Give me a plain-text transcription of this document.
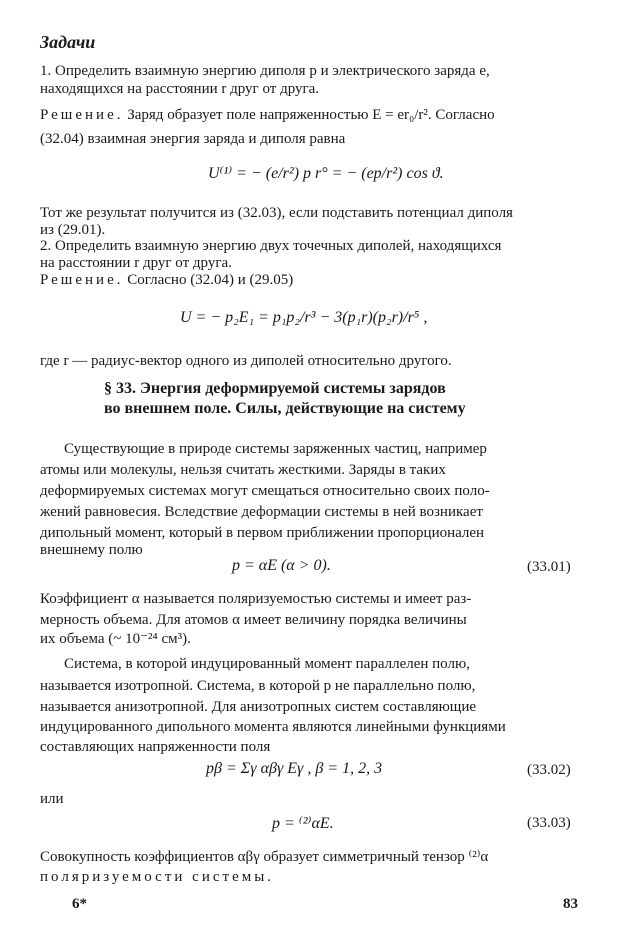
Задачи
1. Определить взаимную энергию диполя p и электрического заряда e,
находящихся на расстоянии r друг от друга.
Решение. Заряд образует поле напряженностью E = er₀/r². Согласно
(32.04) взаимная энергия заряда и диполя равна
U⁽¹⁾ = − (e/r²) p r° = − (ep/r²) cos ϑ.
Тот же результат получится из (32.03), если подставить потенциал диполя
из (29.01).
2. Определить взаимную энергию двух точечных диполей, находящихся
на расстоянии r друг от друга.
Решение. Согласно (32.04) и (29.05)
U = − p₂E₁ = p₁p₂/r³ − 3(p₁r)(p₂r)/r⁵ ,
где r — радиус-вектор одного из диполей относительно другого.
§ 33. Энергия деформируемой системы зарядов
во внешнем поле. Силы, действующие на систему
Существующие в природе системы заряженных частиц, например
атомы или молекулы, нельзя считать жесткими. Заряды в таких
деформируемых системах могут смещаться относительно своих поло-
жений равновесия. Вследствие деформации системы в ней возникает
дипольный момент, который в первом приближении пропорционален
внешнему полю
p = αE (α > 0).	(33.01)
Коэффициент α называется поляризуемостью системы и имеет раз-
мерность объема. Для атомов α имеет величину порядка величины
их объема (~ 10⁻²⁴ см³).
Система, в которой индуцированный момент параллелен полю,
называется изотропной. Система, в которой p не параллельно полю,
называется анизотропной. Для анизотропных систем составляющие
индуцированного дипольного момента являются линейными функциями
составляющих напряженности поля
pβ = Σγ αβγ Eγ , β = 1, 2, 3	(33.02)
или
p = ⁽²⁾αE.	(33.03)
Совокупность коэффициентов αβγ образует симметричный тензор ⁽²⁾α
поляризуемости системы.
6*	83
